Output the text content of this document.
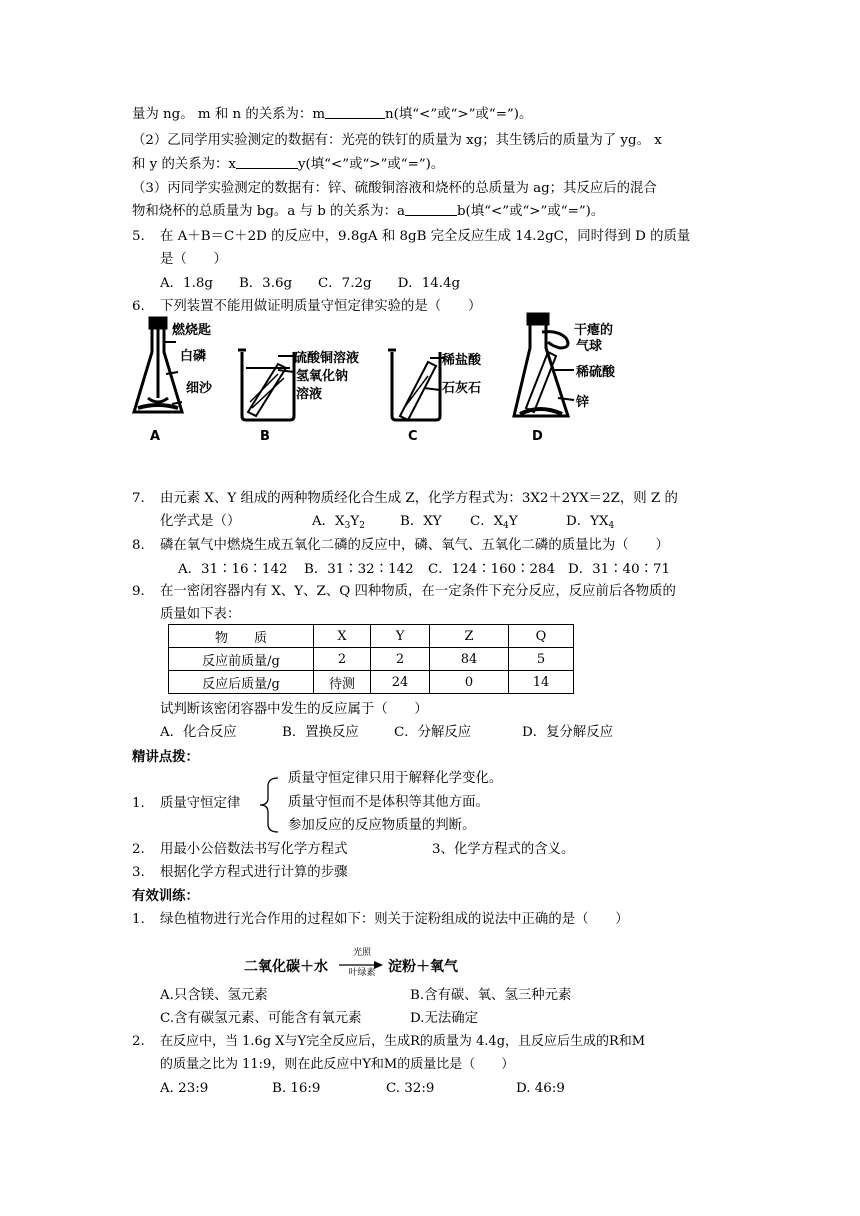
量为 ng。 m 和 n 的关系为：m	n(填“<”或“>”或“=”)。
（2）乙同学用实验测定的数据有：光亮的铁钉的质量为 xg；其生锈后的质量为了 yg。 x
和 y 的关系为：x	y(填“<”或“>”或“=”)。
（3）丙同学实验测定的数据有：锌、硫酸铜溶液和烧杯的总质量为 ag；其反应后的混合
物和烧杯的总质量为 bg。a 与 b 的关系为：a	b(填“<”或“>”或“=”)。
5. 在 A＋B＝C＋2D 的反应中，9.8gA 和 8gB 完全反应生成 14.2gC，同时得到 D 的质量
是（　　）
A．1.8g B．3.6g C．7.2g D．14.4g
6. 下列装置不能用做证明质量守恒定律实验的是（　　）
燃烧匙
白磷
细沙
A
硫酸铜溶液
氢氧化钠
溶液
B
稀盐酸
石灰石
C
干瘪的
气球
稀硫酸
锌
D
7. 由元素 X、Y 组成的两种物质经化合生成 Z，化学方程式为：3X2＋2YX＝2Z，则 Z 的
化学式是（）	A．$X_3Y_2$	B．XY C．$X_4Y$	D．$YX_4$
8. 磷在氧气中燃烧生成五氧化二磷的反应中，磷、氧气、五氧化二磷的质量比为（　　）
A．31∶16∶142 B．31∶32∶142 C．124∶160∶284 D．31∶40∶71
9. 在一密闭容器内有 X、Y、Z、Q 四种物质，在一定条件下充分反应，反应前后各物质的
质量如下表：
物　　质	X	Y	Z	Q
反应前质量/g	2	2	84	5
反应后质量/g	待测	24	0	14
试判断该密闭容器中发生的反应属于（　　）
A．化合反应	B．置换反应	C．分解反应	D．复分解反应
精讲点拨：
1. 质量守恒定律
质量守恒定律只用于解释化学变化。
质量守恒而不是体积等其他方面。
参加反应的反应物质量的判断。
2. 用最小公倍数法书写化学方程式	3、化学方程式的含义。
3. 根据化学方程式进行计算的步骤
有效训练：
1. 绿色植物进行光合作用的过程如下：则关于淀粉组成的说法中正确的是（　　）
二氧化碳＋水
光照
叶绿素 淀粉＋氧气
A.只含镁、氢元素	B.含有碳、氧、氢三种元素
C.含有碳氢元素、可能含有氧元素	D.无法确定
2. 在反应中，当 1.6g X与Y完全反应后，生成R的质量为 4.4g，且反应后生成的R和M
的质量之比为 11:9，则在此反应中Y和M的质量比是（　　）
A. 23:9	B. 16:9	C. 32:9	D. 46:9
